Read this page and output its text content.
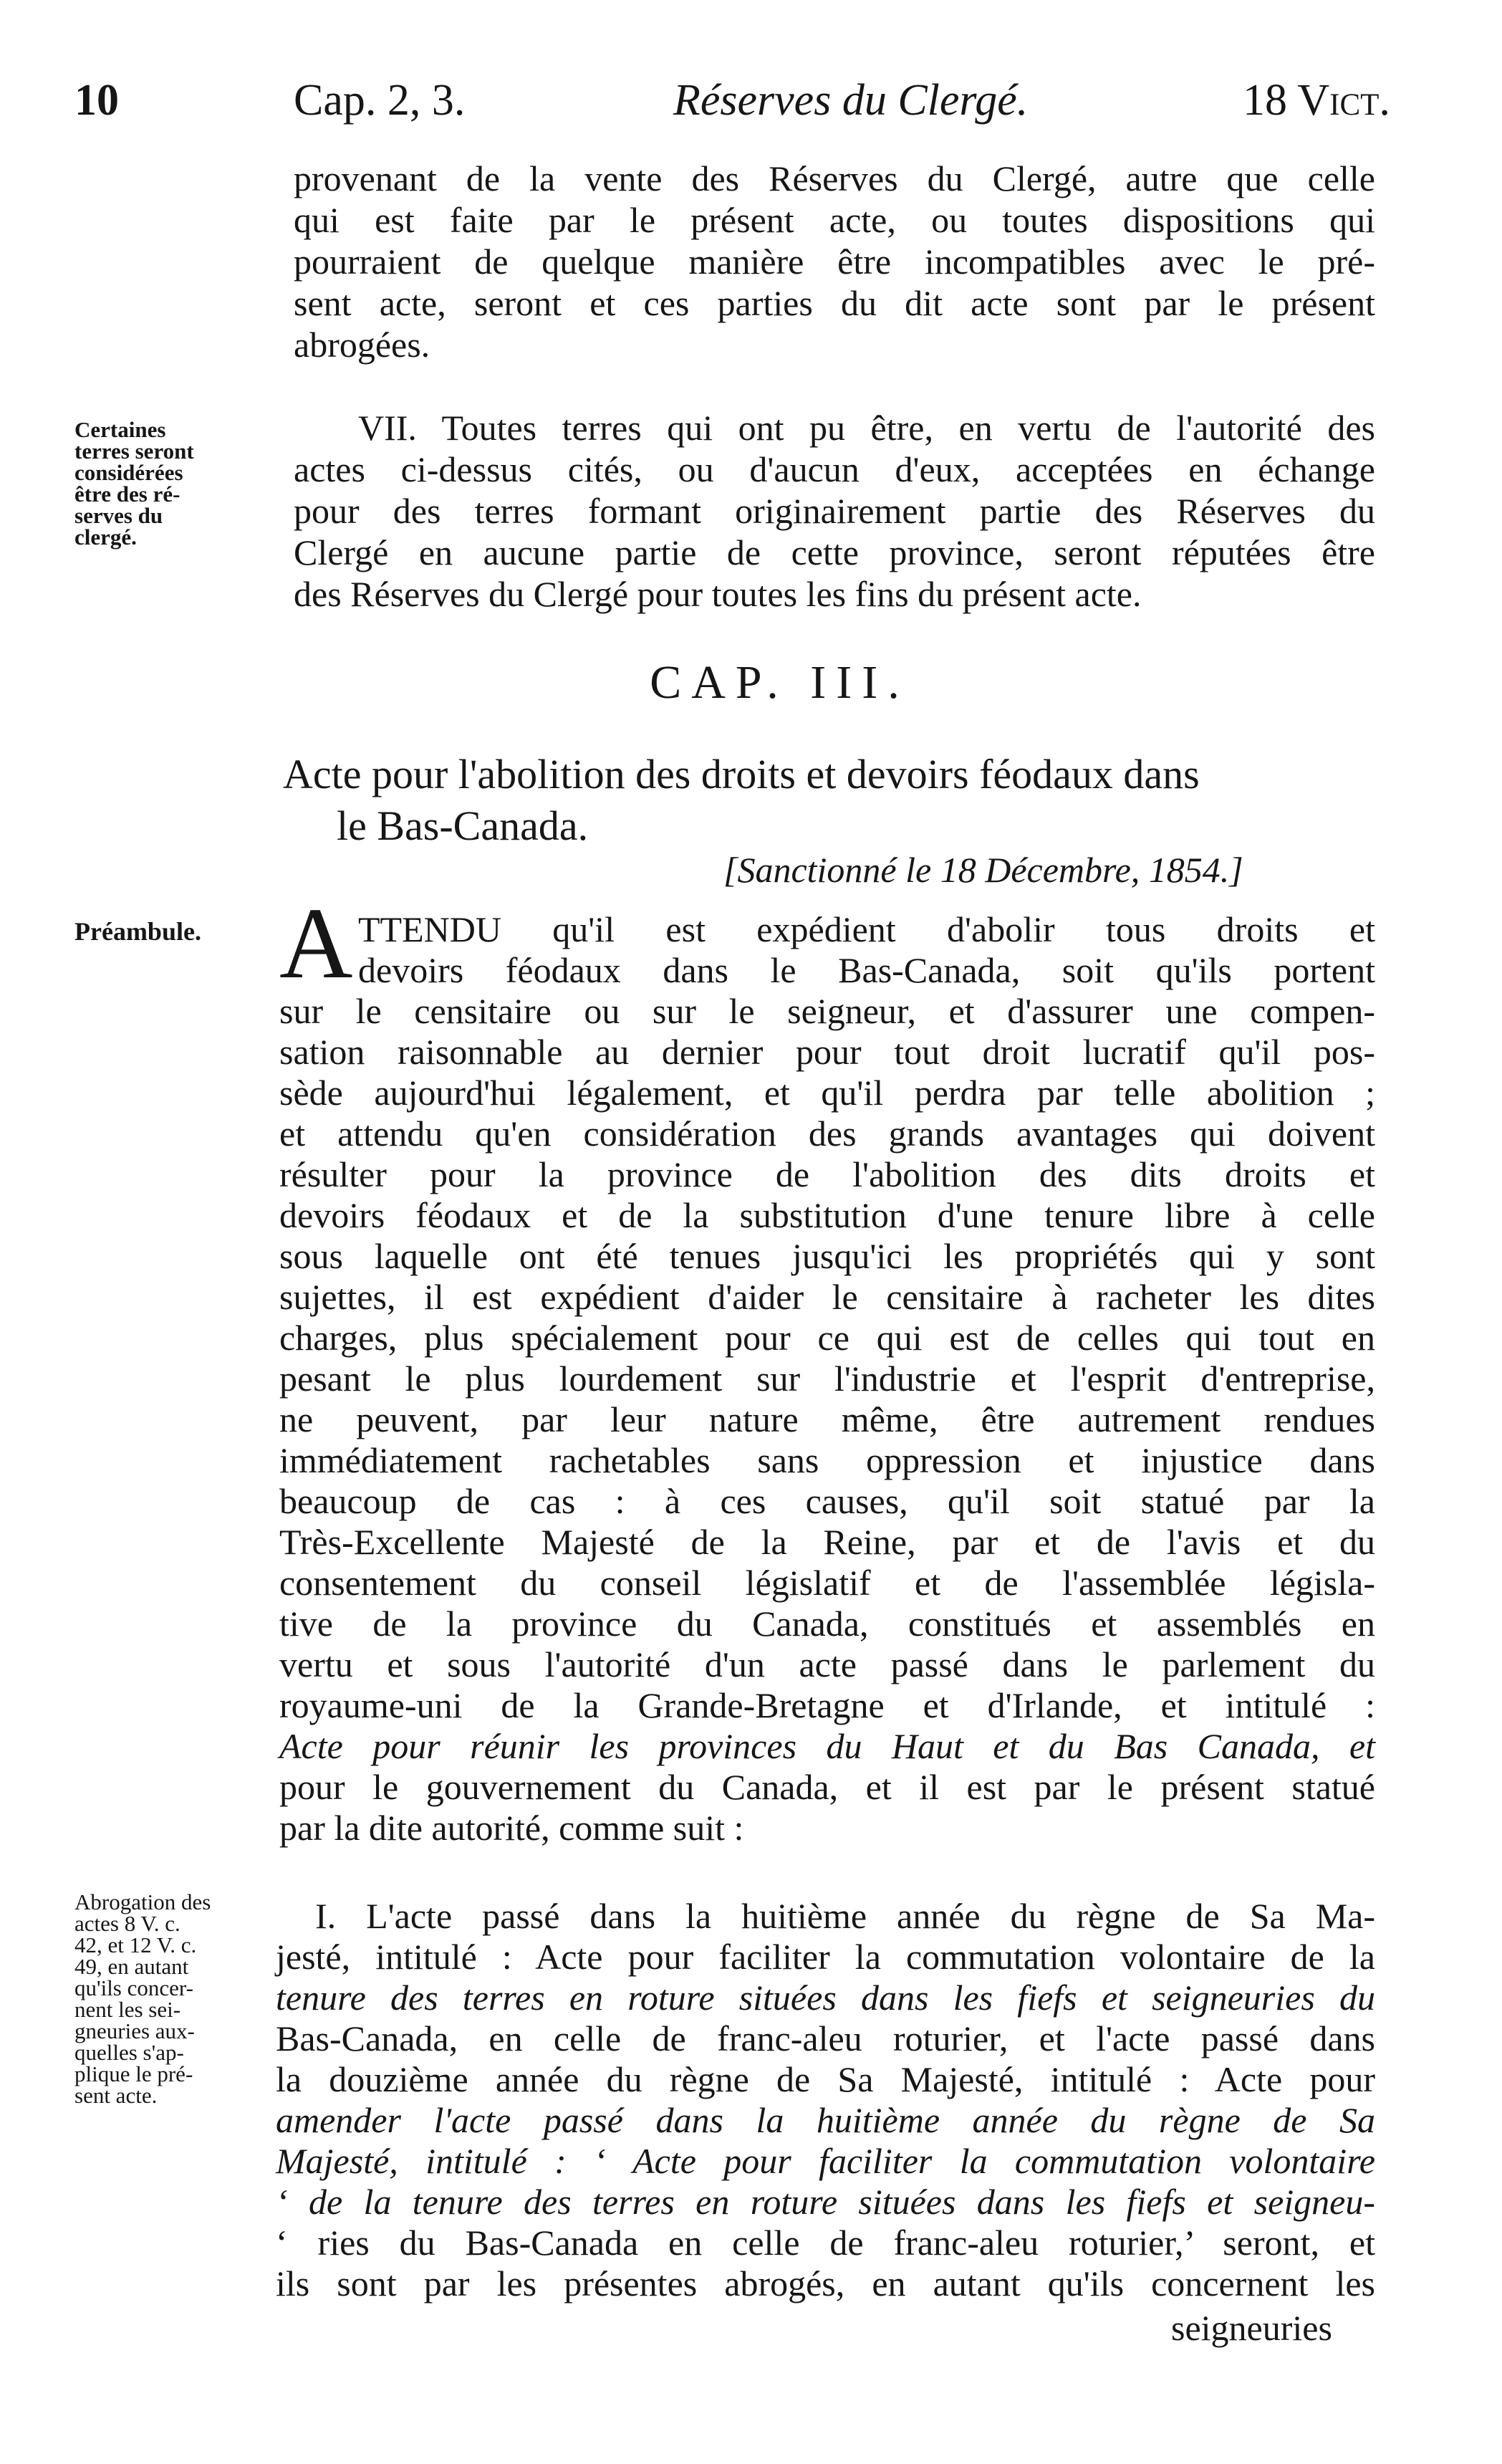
10	Cap. 2, 3.	Réserves du Clergé.	18 Vict.
provenant de la vente des Réserves du Clergé, autre que celle
qui est faite par le présent acte, ou toutes dispositions qui
pourraient de quelque manière être incompatibles avec le pré-
sent acte, seront et ces parties du dit acte sont par le présent
abrogées.
Certaines
terres seront
considérées
être des ré-
serves du
clergé.
VII. Toutes terres qui ont pu être, en vertu de l'autorité des
actes ci-dessus cités, ou d'aucun d'eux, acceptées en échange
pour des terres formant originairement partie des Réserves du
Clergé en aucune partie de cette province, seront réputées être
des Réserves du Clergé pour toutes les fins du présent acte.
CAP. III.
Acte pour l'abolition des droits et devoirs féodaux dans
le Bas-Canada.
[Sanctionné le 18 Décembre, 1854.]
Préambule. A TTENDU qu'il est expédient d'abolir tous droits et
devoirs féodaux dans le Bas-Canada, soit qu'ils portent
sur le censitaire ou sur le seigneur, et d'assurer une compen-
sation raisonnable au dernier pour tout droit lucratif qu'il pos-
sède aujourd'hui légalement, et qu'il perdra par telle abolition ;
et attendu qu'en considération des grands avantages qui doivent
résulter pour la province de l'abolition des dits droits et
devoirs féodaux et de la substitution d'une tenure libre à celle
sous laquelle ont été tenues jusqu'ici les propriétés qui y sont
sujettes, il est expédient d'aider le censitaire à racheter les dites
charges, plus spécialement pour ce qui est de celles qui tout en
pesant le plus lourdement sur l'industrie et l'esprit d'entreprise,
ne peuvent, par leur nature même, être autrement rendues
immédiatement rachetables sans oppression et injustice dans
beaucoup de cas : à ces causes, qu'il soit statué par la
Très-Excellente Majesté de la Reine, par et de l'avis et du
consentement du conseil législatif et de l'assemblée législa-
tive de la province du Canada, constitués et assemblés en
vertu et sous l'autorité d'un acte passé dans le parlement du
royaume-uni de la Grande-Bretagne et d'Irlande, et intitulé :
Acte pour réunir les provinces du Haut et du Bas Canada, et
pour le gouvernement du Canada, et il est par le présent statué
par la dite autorité, comme suit :
Abrogation des
actes 8 V. c.
42, et 12 V. c.
49, en autant
qu'ils concer-
nent les sei-
gneuries aux-
quelles s'ap-
plique le pré-
sent acte.
I. L'acte passé dans la huitième année du règne de Sa Ma-
jesté, intitulé : Acte pour faciliter la commutation volontaire de la
tenure des terres en roture situées dans les fiefs et seigneuries du
Bas-Canada, en celle de franc-aleu roturier, et l'acte passé dans
la douzième année du règne de Sa Majesté, intitulé : Acte pour
amender l'acte passé dans la huitième année du règne de Sa
Majesté, intitulé : ‘ Acte pour faciliter la commutation volontaire
‘ de la tenure des terres en roture situées dans les fiefs et seigneu-
‘ ries du Bas-Canada en celle de franc-aleu roturier,’ seront, et
ils sont par les présentes abrogés, en autant qu'ils concernent les
seigneuries
